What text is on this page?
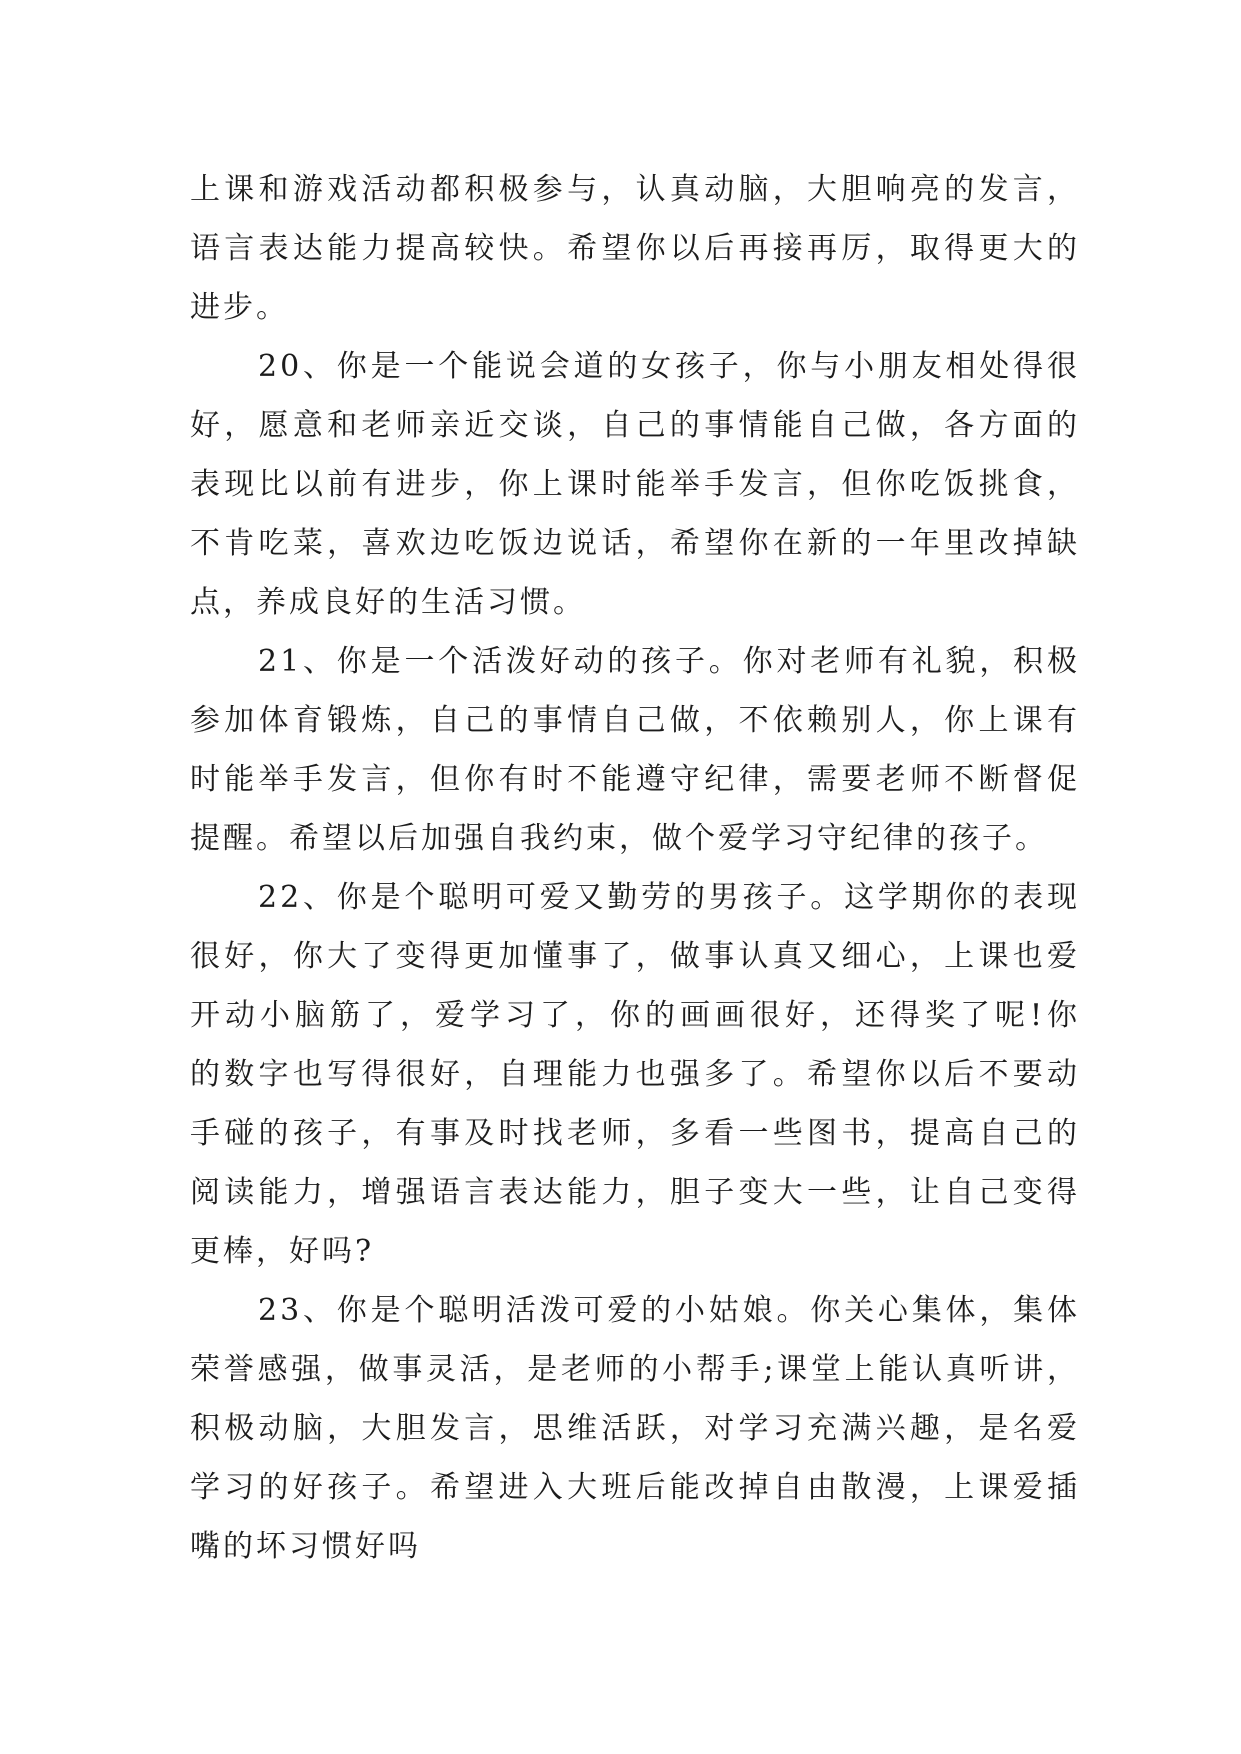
上课和游戏活动都积极参与，认真动脑，大胆响亮的发言，
语言表达能力提高较快。希望你以后再接再厉，取得更大的
进步。
20、你是一个能说会道的女孩子，你与小朋友相处得很
好，愿意和老师亲近交谈，自己的事情能自己做，各方面的
表现比以前有进步，你上课时能举手发言，但你吃饭挑食，
不肯吃菜，喜欢边吃饭边说话，希望你在新的一年里改掉缺
点，养成良好的生活习惯。
21、你是一个活泼好动的孩子。你对老师有礼貌，积极
参加体育锻炼，自己的事情自己做，不依赖别人，你上课有
时能举手发言，但你有时不能遵守纪律，需要老师不断督促
提醒。希望以后加强自我约束，做个爱学习守纪律的孩子。
22、你是个聪明可爱又勤劳的男孩子。这学期你的表现
很好，你大了变得更加懂事了，做事认真又细心，上课也爱
开动小脑筋了，爱学习了，你的画画很好，还得奖了呢!你
的数字也写得很好，自理能力也强多了。希望你以后不要动
手碰的孩子，有事及时找老师，多看一些图书，提高自己的
阅读能力，增强语言表达能力，胆子变大一些，让自己变得
更棒，好吗?
23、你是个聪明活泼可爱的小姑娘。你关心集体，集体
荣誉感强，做事灵活，是老师的小帮手;课堂上能认真听讲，
积极动脑，大胆发言，思维活跃，对学习充满兴趣，是名爱
学习的好孩子。希望进入大班后能改掉自由散漫，上课爱插
嘴的坏习惯好吗
